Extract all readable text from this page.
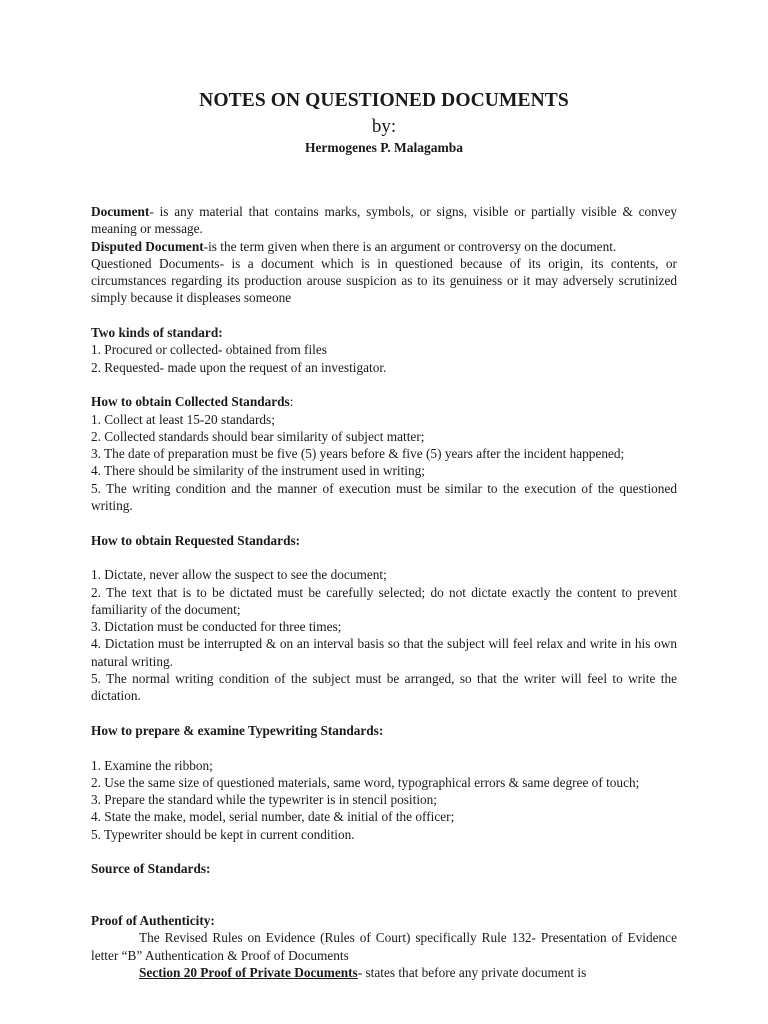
NOTES ON QUESTIONED DOCUMENTS
by:
Hermogenes P. Malagamba

Document- is any material that contains marks, symbols, or signs, visible or partially visible & convey meaning or message.

Disputed Document-is the term given when there is an argument or controversy on the document.

Questioned Documents- is a document which is in questioned because of its origin, its contents, or circumstances regarding its production arouse suspicion as to its genuiness or it may adversely scrutinized simply because it displeases someone

Two kinds of standard:

1. Procured or collected- obtained from files

2. Requested- made upon the request of an investigator.

How to obtain Collected Standards:

1. Collect at least 15-20 standards;

2. Collected standards should bear similarity of subject matter;

3. The date of preparation must be five (5) years before & five (5) years after the incident happened;

4. There should be similarity of the instrument used in writing;

5. The writing condition and the manner of execution must be similar to the execution of the questioned writing.

How to obtain Requested Standards:

1. Dictate, never allow the suspect to see the document;

2. The text that is to be dictated must be carefully selected; do not dictate exactly the content to prevent familiarity of the document;

3. Dictation must be conducted for three times;

4. Dictation must be interrupted & on an interval basis so that the subject will feel relax and write in his own natural writing.

5. The normal writing condition of the subject must be arranged, so that the writer will feel to write the dictation.

How to prepare & examine Typewriting Standards:

1. Examine the ribbon;

2. Use the same size of questioned materials, same word, typographical errors & same degree of touch;

3. Prepare the standard while the typewriter is in stencil position;

4. State the make, model, serial number, date & initial of the officer;

5. Typewriter should be kept in current condition.

Source of Standards:

Proof of Authenticity:

The Revised Rules on Evidence (Rules of Court) specifically Rule 132- Presentation of Evidence letter “B” Authentication & Proof of Documents

Section 20 Proof of Private Documents- states that before any private document is
